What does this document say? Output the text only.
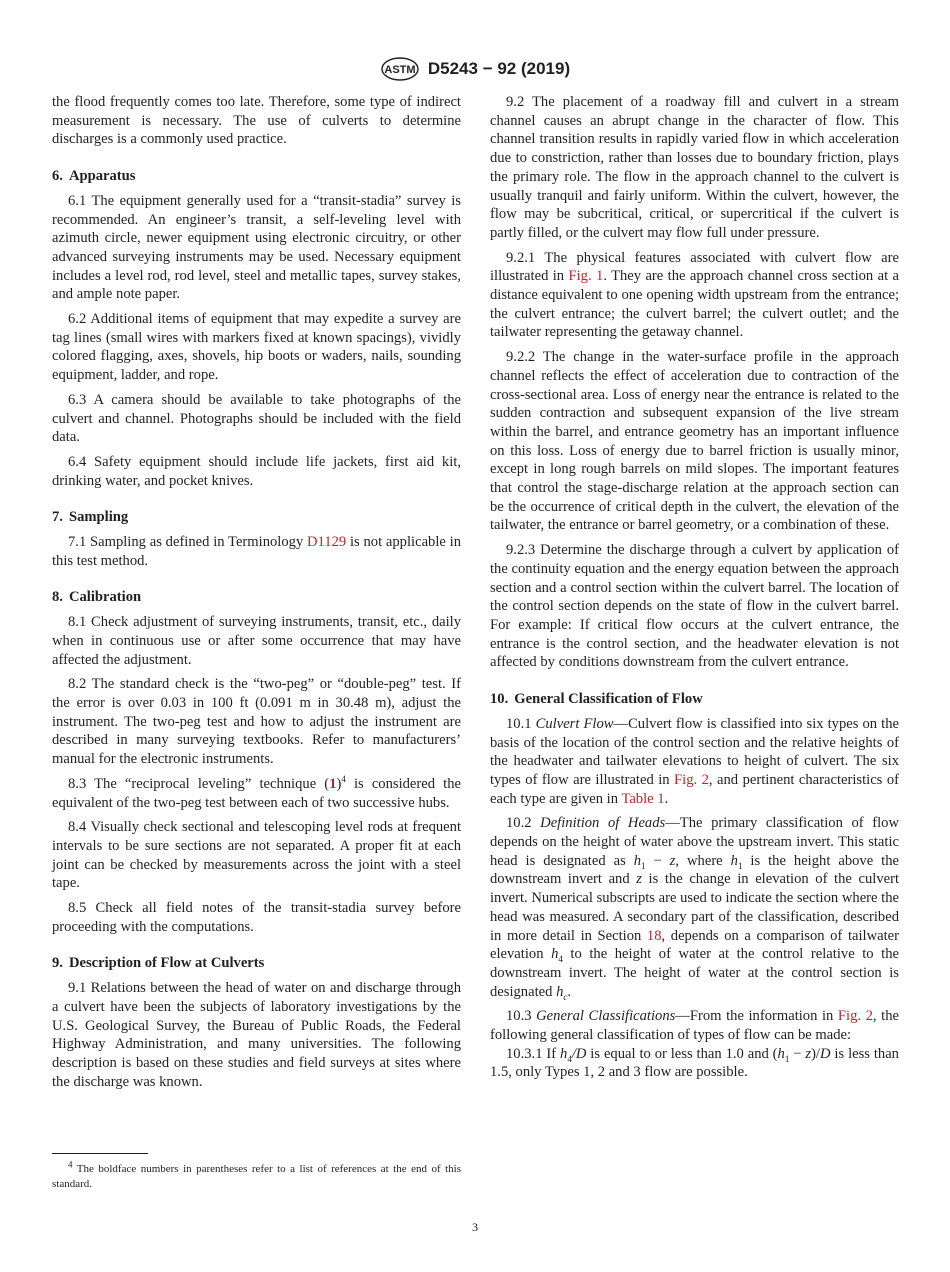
ASTM D5243 − 92 (2019)

the flood frequently comes too late. Therefore, some type of indirect measurement is necessary. The use of culverts to determine discharges is a commonly used practice.

6. Apparatus

6.1 The equipment generally used for a “transit-stadia” survey is recommended. An engineer’s transit, a self-leveling level with azimuth circle, newer equipment using electronic circuitry, or other advanced surveying instruments may be used. Necessary equipment includes a level rod, rod level, steel and metallic tapes, survey stakes, and ample note paper.

6.2 Additional items of equipment that may expedite a survey are tag lines (small wires with markers fixed at known spacings), vividly colored flagging, axes, shovels, hip boots or waders, nails, sounding equipment, ladder, and rope.

6.3 A camera should be available to take photographs of the culvert and channel. Photographs should be included with the field data.

6.4 Safety equipment should include life jackets, first aid kit, drinking water, and pocket knives.

7. Sampling

7.1 Sampling as defined in Terminology D1129 is not applicable in this test method.

8. Calibration

8.1 Check adjustment of surveying instruments, transit, etc., daily when in continuous use or after some occurrence that may have affected the adjustment.

8.2 The standard check is the “two-peg” or “double-peg” test. If the error is over 0.03 in 100 ft (0.091 m in 30.48 m), adjust the instrument. The two-peg test and how to adjust the instrument are described in many surveying textbooks. Refer to manufacturers’ manual for the electronic instruments.

8.3 The “reciprocal leveling” technique $(1)^4$ is considered the equivalent of the two-peg test between each of two successive hubs.

8.4 Visually check sectional and telescoping level rods at frequent intervals to be sure sections are not separated. A proper fit at each joint can be checked by measurements across the joint with a steel tape.

8.5 Check all field notes of the transit-stadia survey before proceeding with the computations.

9. Description of Flow at Culverts

9.1 Relations between the head of water on and discharge through a culvert have been the subjects of laboratory investigations by the U.S. Geological Survey, the Bureau of Public Roads, the Federal Highway Administration, and many universities. The following description is based on these studies and field surveys at sites where the discharge was known.

$^4$ The boldface numbers in parentheses refer to a list of references at the end of this standard.

9.2 The placement of a roadway fill and culvert in a stream channel causes an abrupt change in the character of flow. This channel transition results in rapidly varied flow in which acceleration due to constriction, rather than losses due to boundary friction, plays the primary role. The flow in the approach channel to the culvert is usually tranquil and fairly uniform. Within the culvert, however, the flow may be subcritical, critical, or supercritical if the culvert is partly filled, or the culvert may flow full under pressure.

9.2.1 The physical features associated with culvert flow are illustrated in Fig. 1. They are the approach channel cross section at a distance equivalent to one opening width upstream from the entrance; the culvert entrance; the culvert barrel; the culvert outlet; and the tailwater representing the getaway channel.

9.2.2 The change in the water-surface profile in the approach channel reflects the effect of acceleration due to contraction of the cross-sectional area. Loss of energy near the entrance is related to the sudden contraction and subsequent expansion of the live stream within the barrel, and entrance geometry has an important influence on this loss. Loss of energy due to barrel friction is usually minor, except in long rough barrels on mild slopes. The important features that control the stage-discharge relation at the approach section can be the occurrence of critical depth in the culvert, the elevation of the tailwater, the entrance or barrel geometry, or a combination of these.

9.2.3 Determine the discharge through a culvert by application of the continuity equation and the energy equation between the approach section and a control section within the culvert barrel. The location of the control section depends on the state of flow in the culvert barrel. For example: If critical flow occurs at the culvert entrance, the entrance is the control section, and the headwater elevation is not affected by conditions downstream from the culvert entrance.

10. General Classification of Flow

10.1 Culvert Flow—Culvert flow is classified into six types on the basis of the location of the control section and the relative heights of the headwater and tailwater elevations to height of culvert. The six types of flow are illustrated in Fig. 2, and pertinent characteristics of each type are given in Table 1.

10.2 Definition of Heads—The primary classification of flow depends on the height of water above the upstream invert. This static head is designated as $h_1 - z$, where $h_1$ is the height above the downstream invert and z is the change in elevation of the culvert invert. Numerical subscripts are used to indicate the section where the head was measured. A secondary part of the classification, described in more detail in Section 18, depends on a comparison of tailwater elevation $h_4$ to the height of water at the control relative to the downstream invert. The height of water at the control section is designated $h_c$.

10.3 General Classifications—From the information in Fig. 2, the following general classification of types of flow can be made:

10.3.1 If $h_4/D$ is equal to or less than 1.0 and $(h_1 - z)/D$ is less than 1.5, only Types 1, 2 and 3 flow are possible.

3
